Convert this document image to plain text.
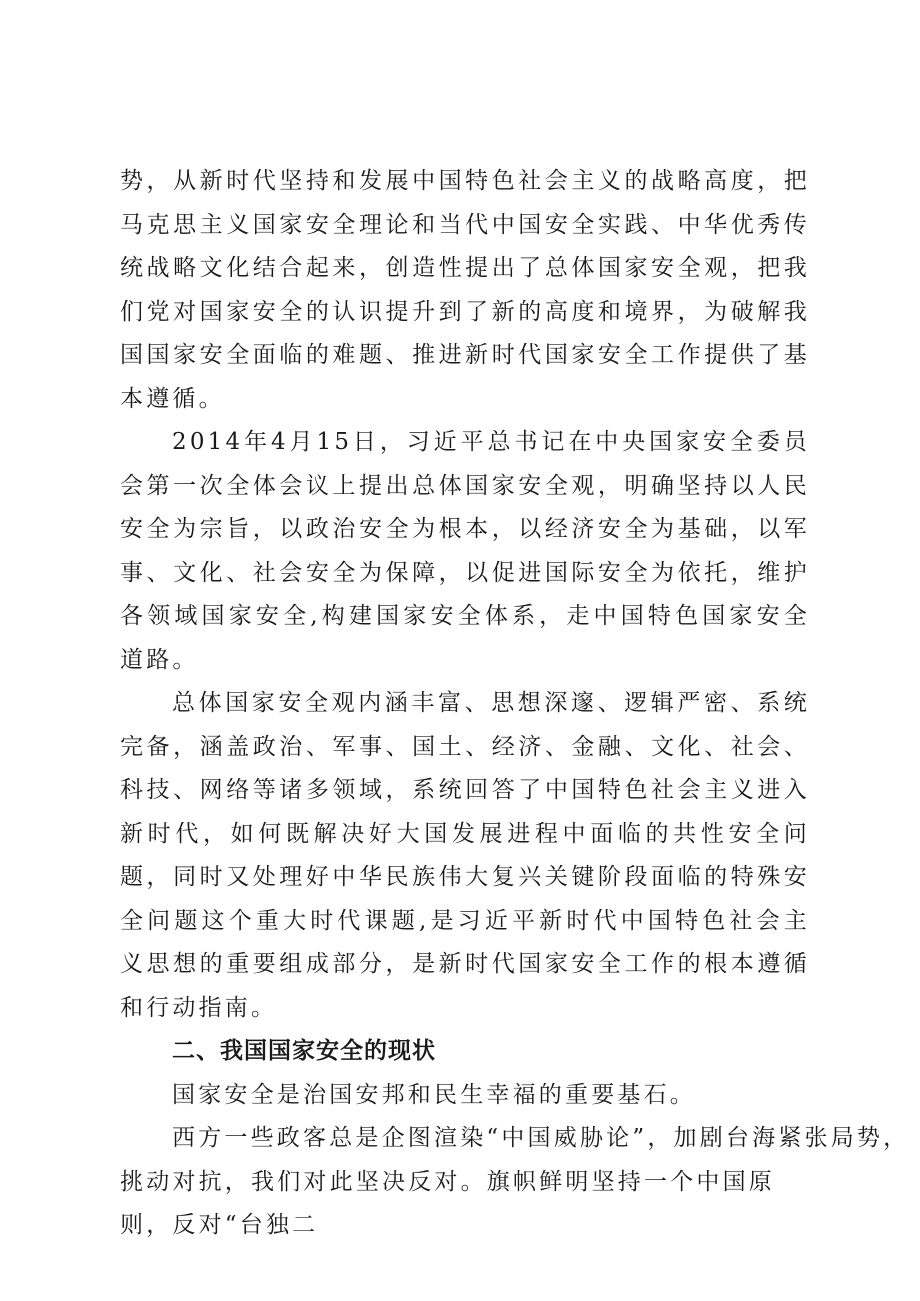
势，从新时代坚持和发展中国特色社会主义的战略高度，把马克思主义国家安全理论和当代中国安全实践、中华优秀传统战略文化结合起来，创造性提出了总体国家安全观，把我们党对国家安全的认识提升到了新的高度和境界，为破解我国国家安全面临的难题、推进新时代国家安全工作提供了基本遵循。

2014年4月15日，习近平总书记在中央国家安全委员会第一次全体会议上提出总体国家安全观，明确坚持以人民安全为宗旨，以政治安全为根本，以经济安全为基础，以军事、文化、社会安全为保障，以促进国际安全为依托，维护各领域国家安全,构建国家安全体系，走中国特色国家安全道路。

总体国家安全观内涵丰富、思想深邃、逻辑严密、系统完备，涵盖政治、军事、国土、经济、金融、文化、社会、科技、网络等诸多领域，系统回答了中国特色社会主义进入新时代，如何既解决好大国发展进程中面临的共性安全问题，同时又处理好中华民族伟大复兴关键阶段面临的特殊安全问题这个重大时代课题,是习近平新时代中国特色社会主义思想的重要组成部分，是新时代国家安全工作的根本遵循和行动指南。

二、我国国家安全的现状

国家安全是治国安邦和民生幸福的重要基石。

西方一些政客总是企图渲染“中国威胁论”，加剧台海紧张局势，
挑动对抗，我们对此坚决反对。旗帜鲜明坚持一个中国原
则，反对“台独二
